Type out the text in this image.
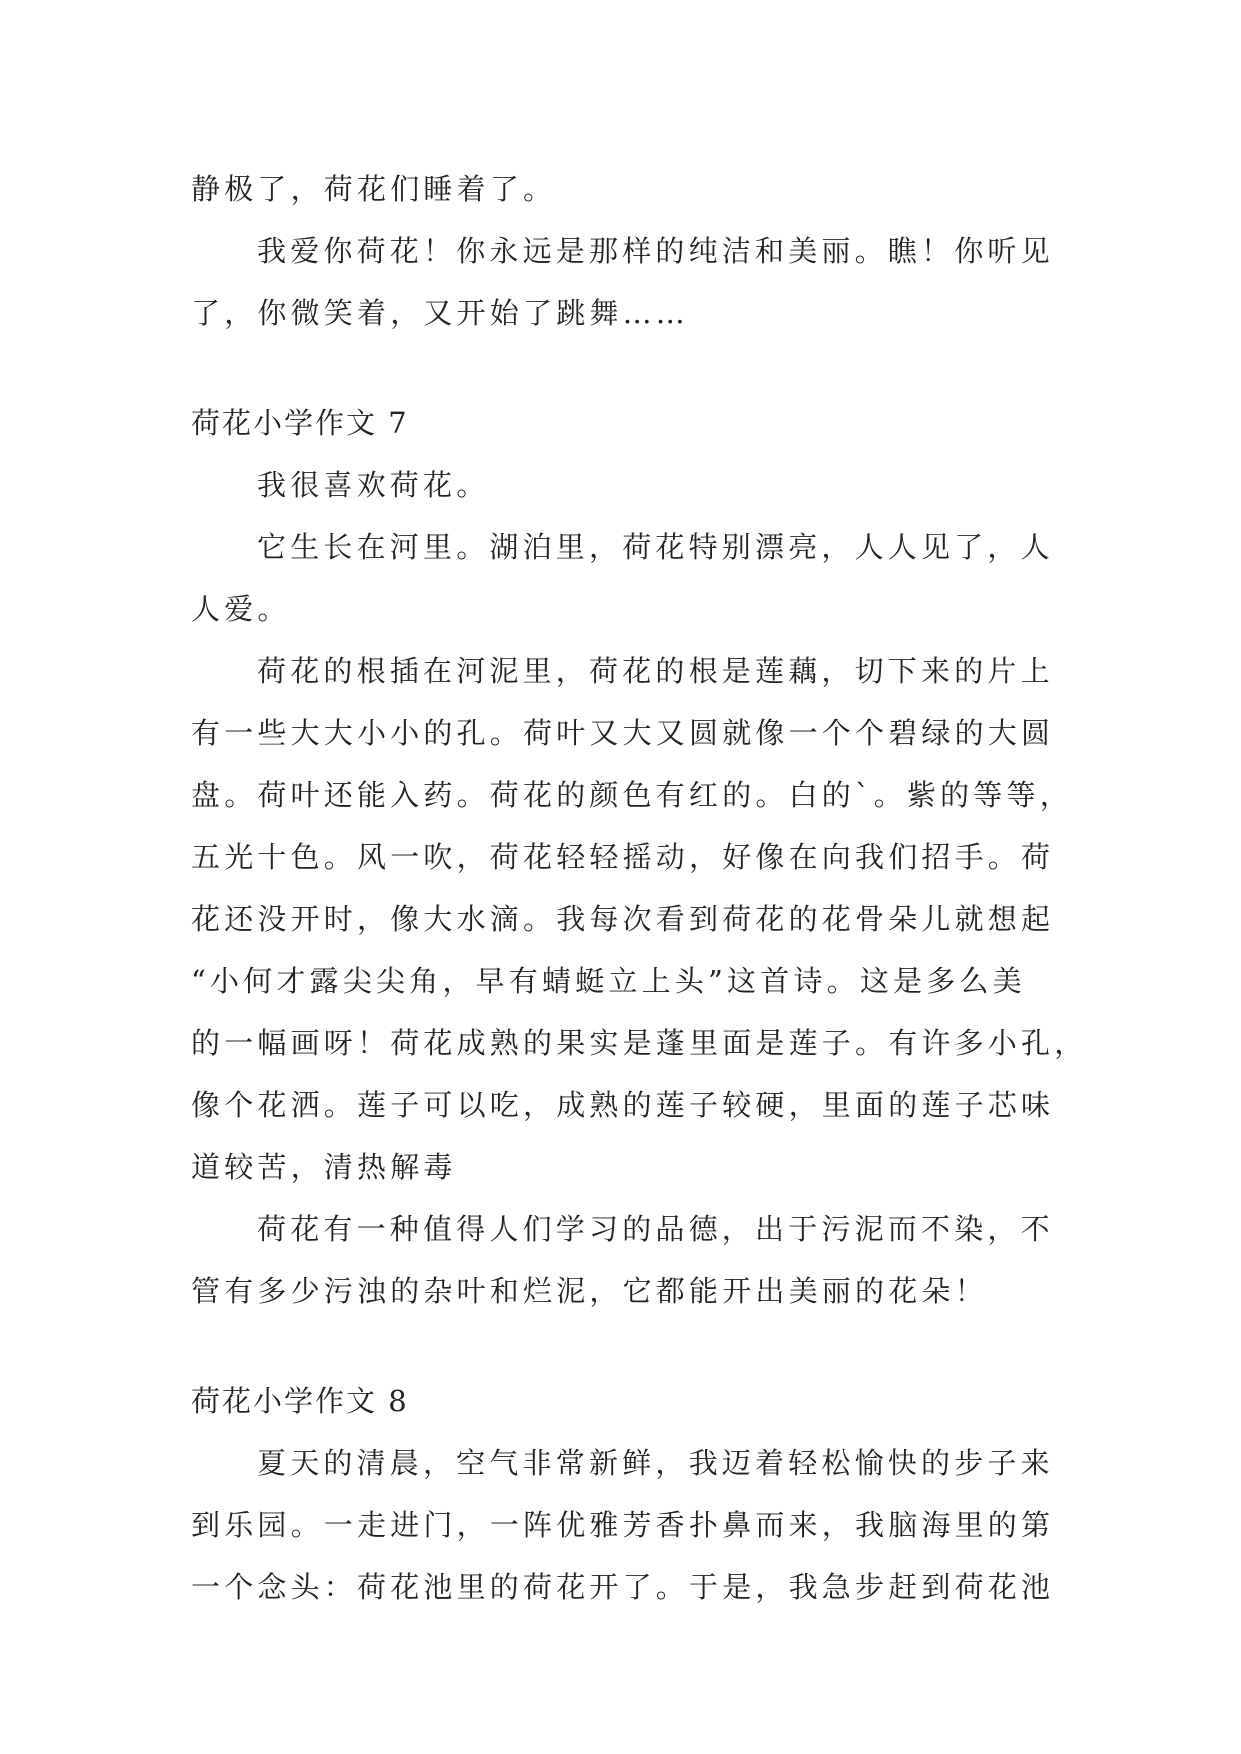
静极了，荷花们睡着了。
我爱你荷花！你永远是那样的纯洁和美丽。瞧！你听见
了，你微笑着，又开始了跳舞……
荷花小学作文 7
我很喜欢荷花。
它生长在河里。湖泊里，荷花特别漂亮，人人见了，人
人爱。
荷花的根插在河泥里，荷花的根是莲藕，切下来的片上
有一些大大小小的孔。荷叶又大又圆就像一个个碧绿的大圆
盘。荷叶还能入药。荷花的颜色有红的。白的`。紫的等等，
五光十色。风一吹，荷花轻轻摇动，好像在向我们招手。荷
花还没开时，像大水滴。我每次看到荷花的花骨朵儿就想起
“小何才露尖尖角，早有蜻蜓立上头”这首诗。这是多么美
的一幅画呀！荷花成熟的果实是蓬里面是莲子。有许多小孔，
像个花洒。莲子可以吃，成熟的莲子较硬，里面的莲子芯味
道较苦，清热解毒
荷花有一种值得人们学习的品德，出于污泥而不染，不
管有多少污浊的杂叶和烂泥，它都能开出美丽的花朵！
荷花小学作文 8
夏天的清晨，空气非常新鲜，我迈着轻松愉快的步子来
到乐园。一走进门，一阵优雅芳香扑鼻而来，我脑海里的第
一个念头：荷花池里的荷花开了。于是，我急步赶到荷花池
